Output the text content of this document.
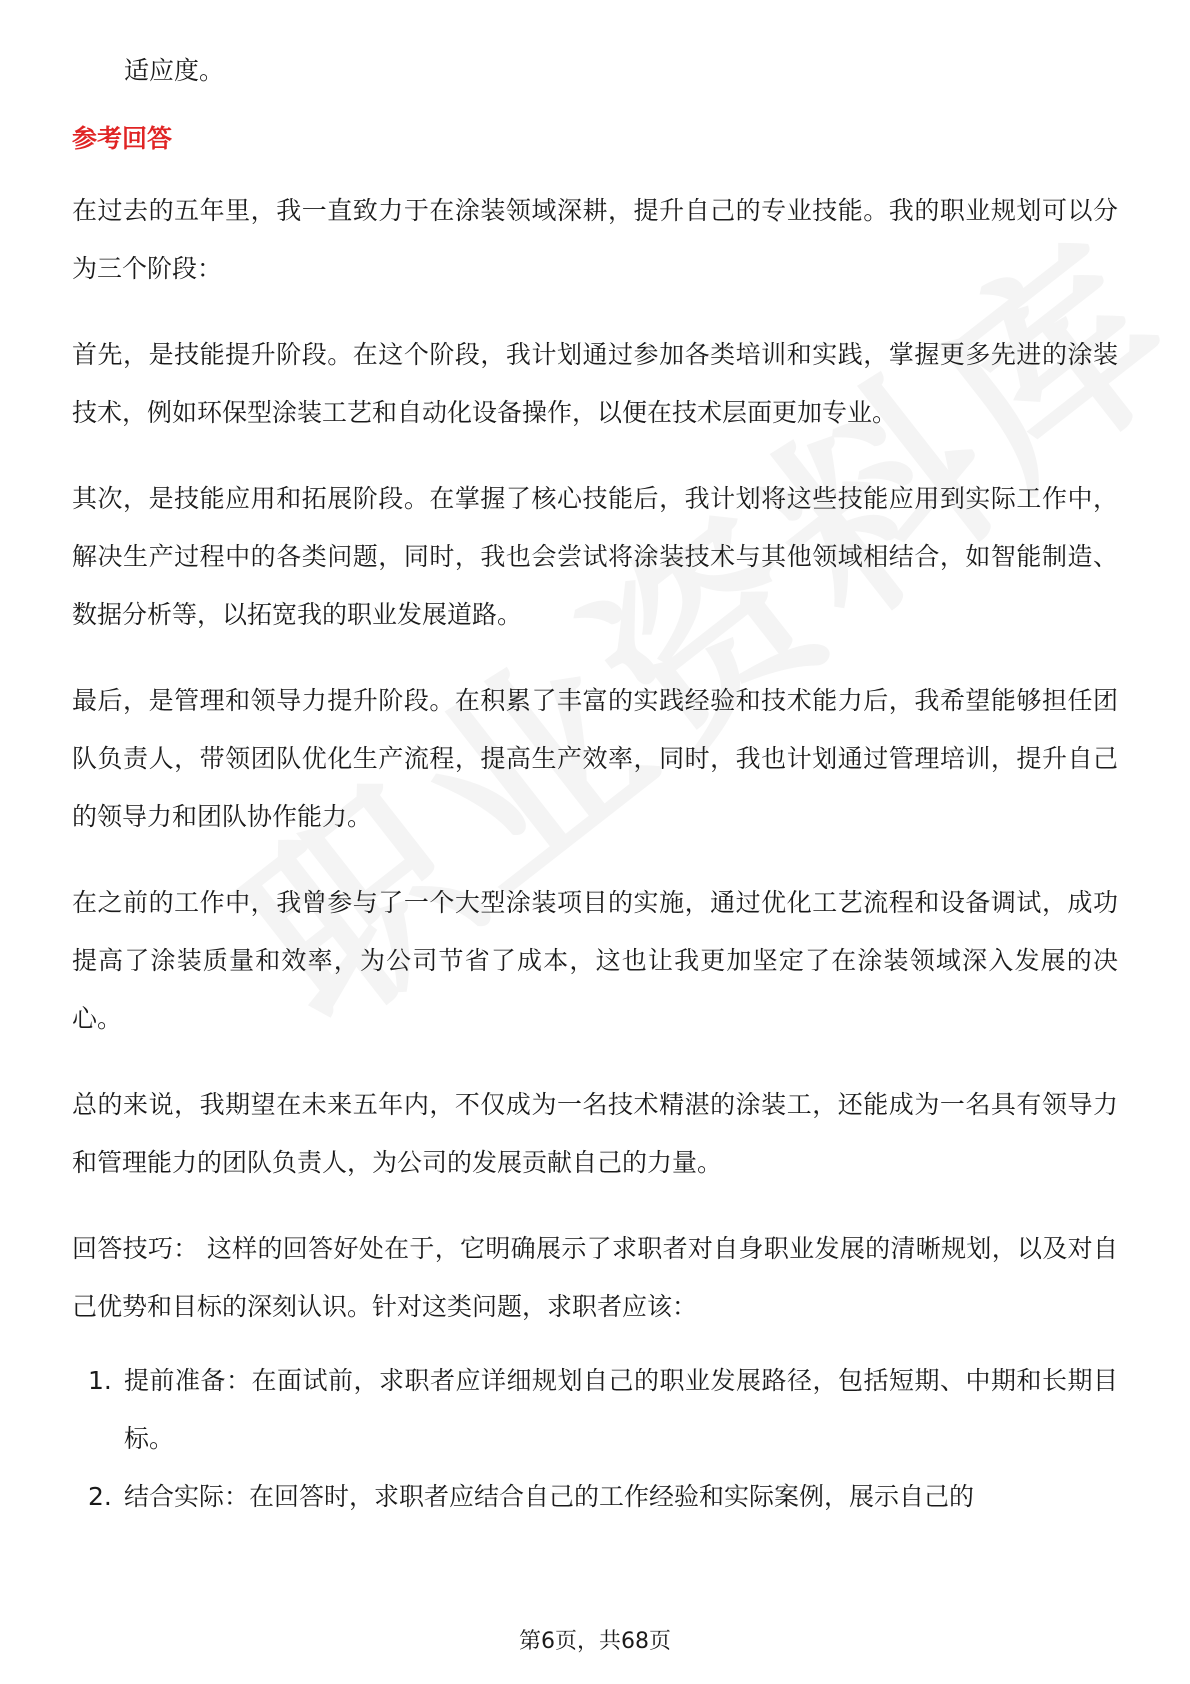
适应度。

参考回答

在过去的五年里，我一直致力于在涂装领域深耕，提升自己的专业技能。我的职业规划可以分为三个阶段：

首先，是技能提升阶段。在这个阶段，我计划通过参加各类培训和实践，掌握更多先进的涂装技术，例如环保型涂装工艺和自动化设备操作，以便在技术层面更加专业。

其次，是技能应用和拓展阶段。在掌握了核心技能后，我计划将这些技能应用到实际工作中，解决生产过程中的各类问题，同时，我也会尝试将涂装技术与其他领域相结合，如智能制造、数据分析等，以拓宽我的职业发展道路。

最后，是管理和领导力提升阶段。在积累了丰富的实践经验和技术能力后，我希望能够担任团队负责人，带领团队优化生产流程，提高生产效率，同时，我也计划通过管理培训，提升自己的领导力和团队协作能力。

在之前的工作中，我曾参与了一个大型涂装项目的实施，通过优化工艺流程和设备调试，成功提高了涂装质量和效率，为公司节省了成本，这也让我更加坚定了在涂装领域深入发展的决心。

总的来说，我期望在未来五年内，不仅成为一名技术精湛的涂装工，还能成为一名具有领导力和管理能力的团队负责人，为公司的发展贡献自己的力量。

回答技巧： 这样的回答好处在于，它明确展示了求职者对自身职业发展的清晰规划，以及对自己优势和目标的深刻认识。针对这类问题，求职者应该：

1. 提前准备：在面试前，求职者应详细规划自己的职业发展路径，包括短期、中期和长期目标。
2. 结合实际：在回答时，求职者应结合自己的工作经验和实际案例，展示自己的
第6页，共68页
